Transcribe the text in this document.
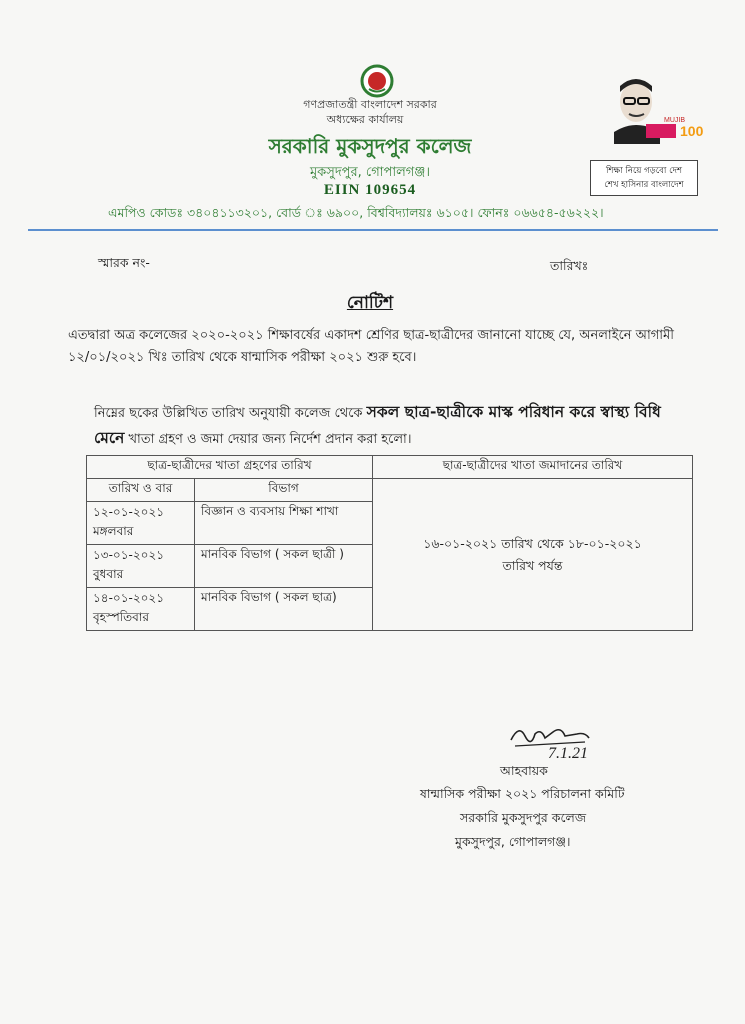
গণপ্রজাতন্ত্রী বাংলাদেশ সরকার
অধ্যক্ষের কার্যালয়
সরকারি মুকসুদপুর কলেজ
মুকসুদপুর, গোপালগঞ্জ।
EIIN 109654
এমপিও কোডঃ ৩৪০৪১১৩২০১, বোর্ড ঃ ৬৯০০, বিশ্ববিদ্যালয়ঃ ৬১০৫। ফোনঃ ০৬৬৫৪-৫৬২২২।
100
MUJIB
শিক্ষা নিয়ে গড়বো দেশ
শেখ হাসিনার বাংলাদেশ
স্মারক নং-	তারিখঃ
নোটিশ
এতদ্বারা অত্র কলেজের ২০২০-২০২১ শিক্ষাবর্ষের একাদশ শ্রেণির ছাত্র-ছাত্রীদের জানানো যাচ্ছে যে, অনলাইনে আগামী ১২/০১/২০২১ খিঃ তারিখ থেকে ষান্মাসিক পরীক্ষা ২০২১ শুরু হবে।
নিম্নের ছকের উল্লিখিত তারিখ অনুযায়ী কলেজ থেকে সকল ছাত্র-ছাত্রীকে মাস্ক পরিধান করে স্বাস্থ্য বিধি মেনে খাতা গ্রহণ ও জমা দেয়ার জন্য নির্দেশ প্রদান করা হলো।
ছাত্র-ছাত্রীদের খাতা গ্রহণের তারিখ		ছাত্র-ছাত্রীদের খাতা জমাদানের তারিখ
তারিখ ও বার	বিভাগ	১৬-০১-২০২১ তারিখ থেকে ১৮-০১-২০২১
তারিখ পর্যন্ত

১২-০১-২০২১
মঙ্গলবার	বিজ্ঞান ও ব্যবসায় শিক্ষা শাখা	

১৩-০১-২০২১
বুধবার	মানবিক বিভাগ ( সকল ছাত্রী )	

১৪-০১-২০২১
বৃহস্পতিবার	মানবিক বিভাগ ( সকল ছাত্র)	
7.1.21
আহবায়ক
ষান্মাসিক পরীক্ষা ২০২১ পরিচালনা কমিটি
সরকারি মুকসুদপুর কলেজ
মুকসুদপুর, গোপালগঞ্জ।
